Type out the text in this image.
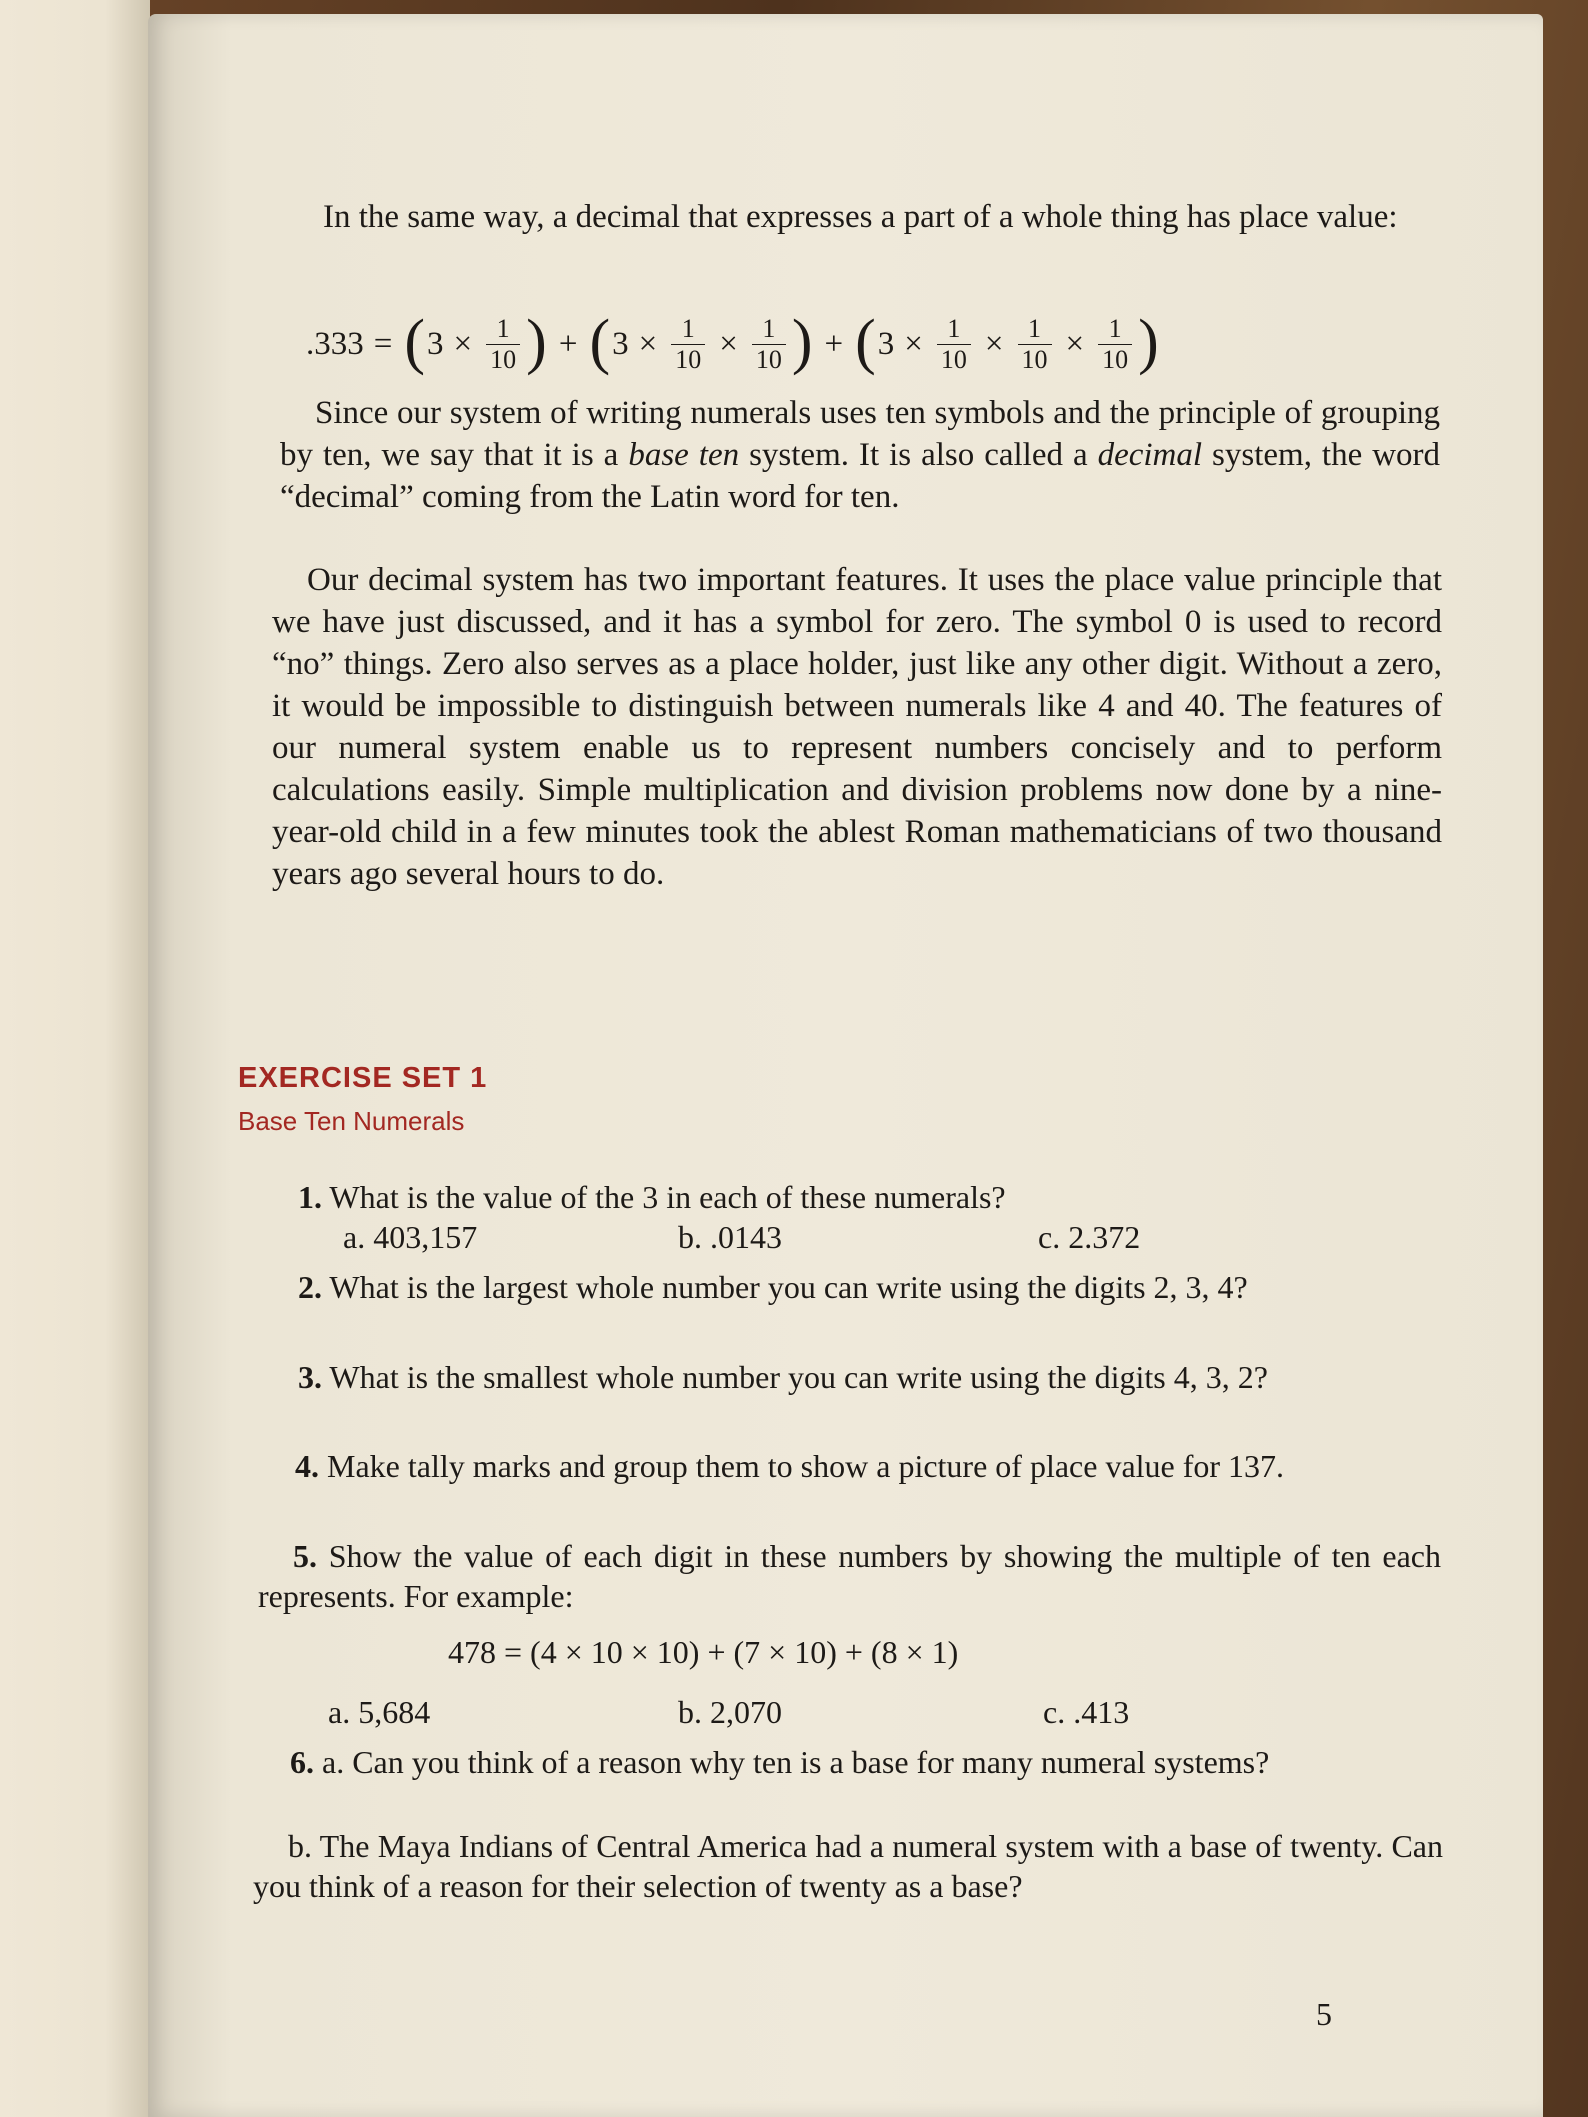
In the same way, a decimal that expresses a part of a whole thing has place value:

.333 = ( $3 \times \frac{1}{10}$ ) + ( $3 \times \frac{1}{10} \times \frac{1}{10}$ ) + ( $3 \times \frac{1}{10} \times \frac{1}{10} \times \frac{1}{10}$ )

Since our system of writing numerals uses ten symbols and the principle of grouping by ten, we say that it is a base ten system. It is also called a decimal system, the word “decimal” coming from the Latin word for ten.

Our decimal system has two important features. It uses the place value principle that we have just discussed, and it has a symbol for zero. The symbol 0 is used to record “no” things. Zero also serves as a place holder, just like any other digit. Without a zero, it would be impossible to distinguish between numerals like 4 and 40. The features of our numeral system enable us to represent numbers concisely and to perform calculations easily. Simple multiplication and division problems now done by a nine-year-old child in a few minutes took the ablest Roman mathematicians of two thousand years ago several hours to do.

EXERCISE SET 1
Base Ten Numerals

1. What is the value of the 3 in each of these numerals?

a. 403,157	b. .0143	c. 2.372

2. What is the largest whole number you can write using the digits 2, 3, 4?

3. What is the smallest whole number you can write using the digits 4, 3, 2?

4. Make tally marks and group them to show a picture of place value for 137.

5. Show the value of each digit in these numbers by showing the multiple of ten each represents. For example:

478 = (4 × 10 × 10) + (7 × 10) + (8 × 1)
a. 5,684	b. 2,070	c. .413

6. a. Can you think of a reason why ten is a base for many numeral systems?

b. The Maya Indians of Central America had a numeral system with a base of twenty. Can you think of a reason for their selection of twenty as a base?

5
